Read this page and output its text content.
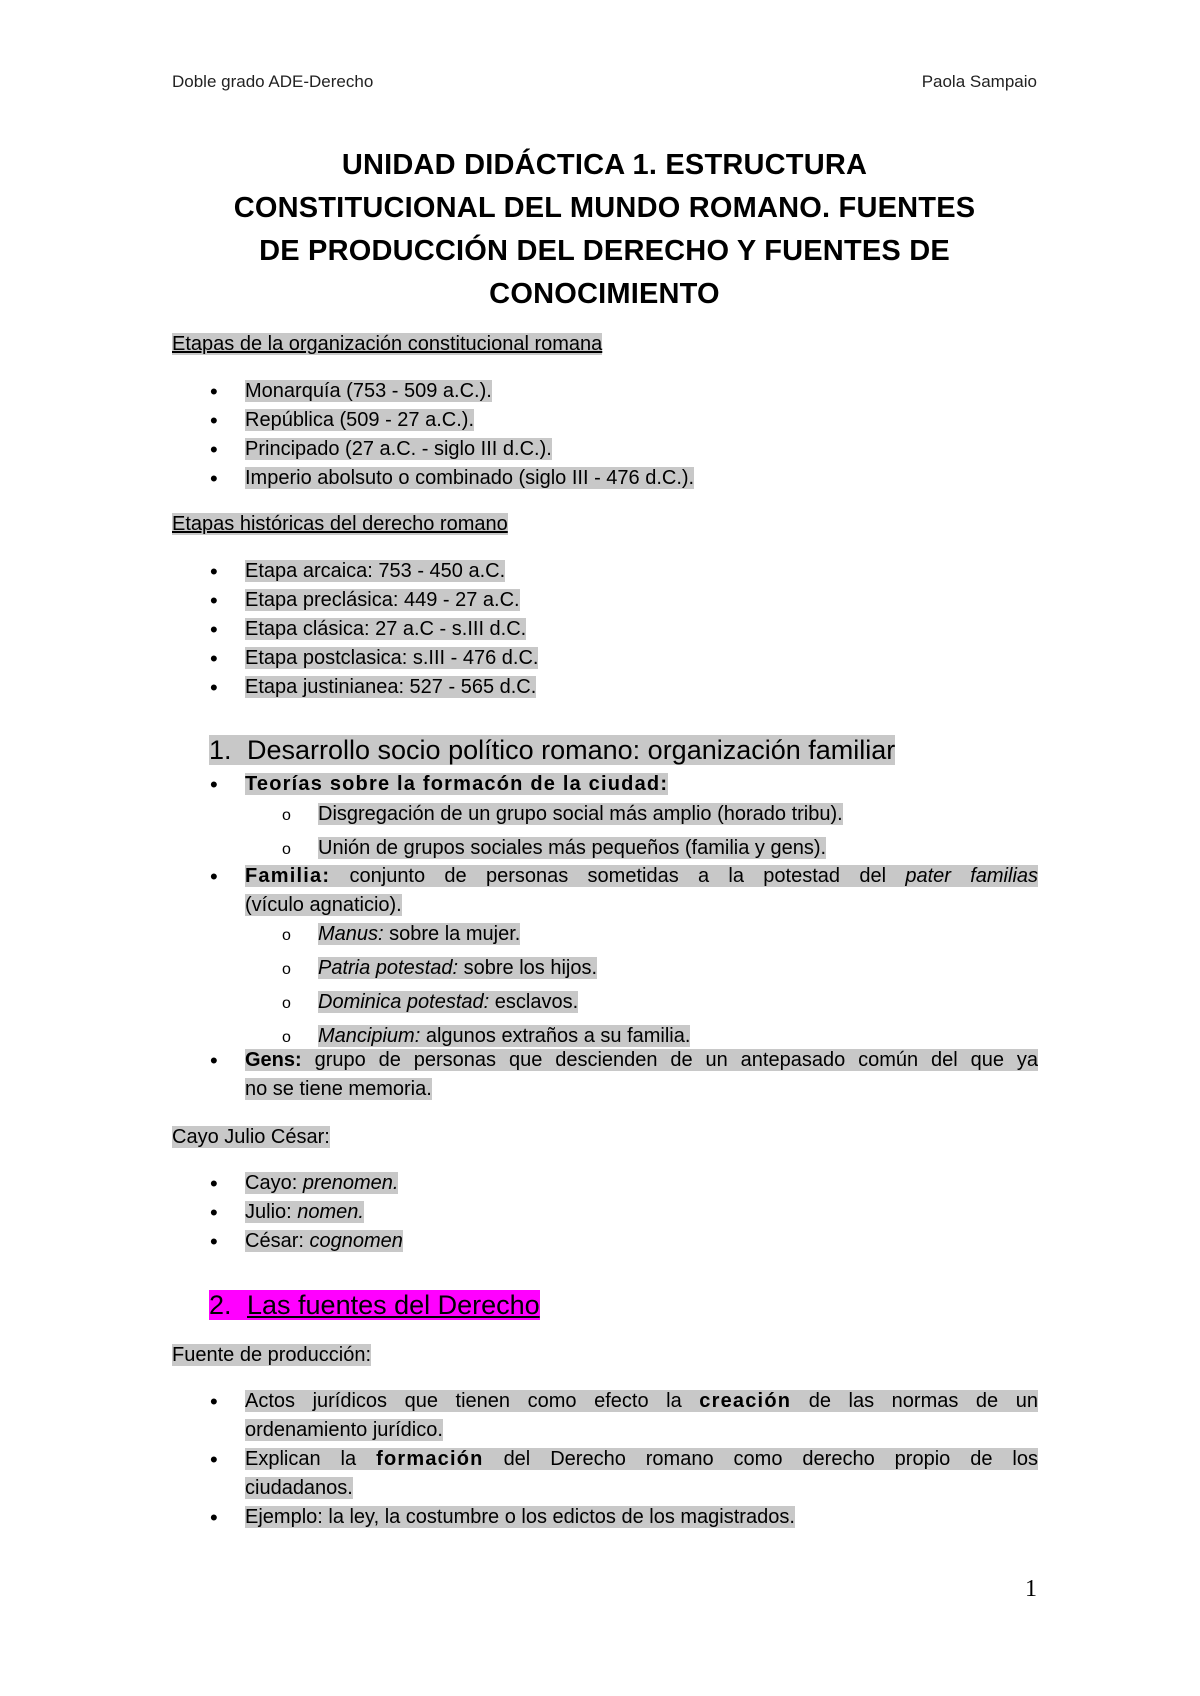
Doble grado ADE-Derecho	Paola Sampaio
UNIDAD DIDÁCTICA 1. ESTRUCTURA
CONSTITUCIONAL DEL MUNDO ROMANO. FUENTES
DE PRODUCCIÓN DEL DERECHO Y FUENTES DE
CONOCIMIENTO
Etapas de la organización constitucional romana
• Monarquía (753 - 509 a.C.).
• República (509 - 27 a.C.).
• Principado (27 a.C. - siglo III d.C.).
• Imperio abolsuto o combinado (siglo III - 476 d.C.).
Etapas históricas del derecho romano
• Etapa arcaica: 753 - 450 a.C.
• Etapa preclásica: 449 - 27 a.C.
• Etapa clásica: 27 a.C - s.III d.C.
• Etapa postclasica: s.III - 476 d.C.
• Etapa justinianea: 527 - 565 d.C.
1. Desarrollo socio político romano: organización familiar
• Teorías sobre la formacón de la ciudad:
o Disgregación de un grupo social más amplio (horado tribu).
o Unión de grupos sociales más pequeños (familia y gens).
• Familia: conjunto de personas sometidas a la potestad del pater familias
(vículo agnaticio).
o Manus: sobre la mujer.
o Patria potestad: sobre los hijos.
o Dominica potestad: esclavos.
o Mancipium: algunos extraños a su familia.
• Gens: grupo de personas que descienden de un antepasado común del que ya
no se tiene memoria.
Cayo Julio César:
• Cayo: prenomen.
• Julio: nomen.
• César: cognomen
2. Las fuentes del Derecho
Fuente de producción:
• Actos jurídicos que tienen como efecto la creación de las normas de un
ordenamiento jurídico.
• Explican la formación del Derecho romano como derecho propio de los
ciudadanos.
• Ejemplo: la ley, la costumbre o los edictos de los magistrados.
1
